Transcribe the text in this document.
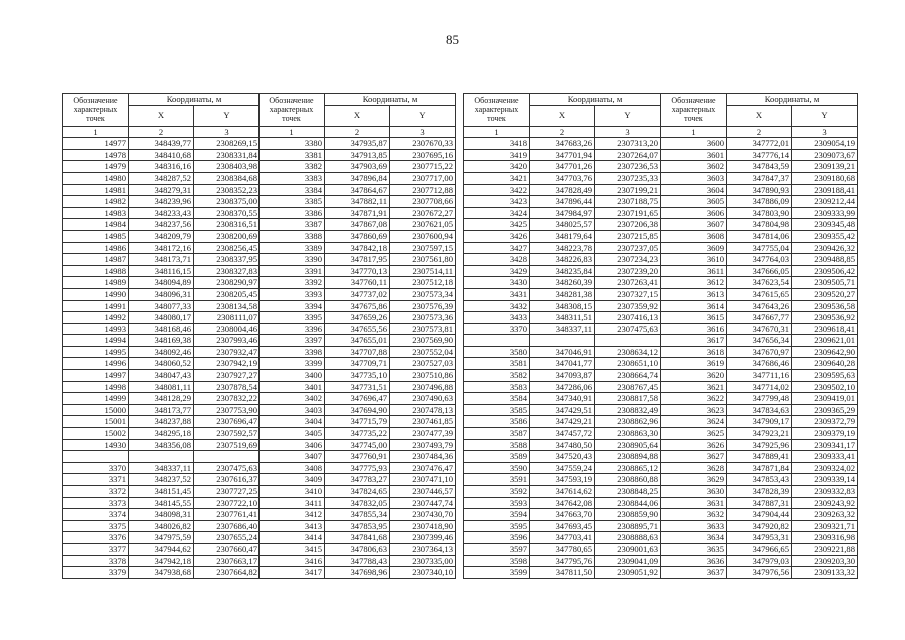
85
Обозначение характерных точек	Координаты, м	
	X	Y
1	2	3
14977	348439,77	2308269,15
14978	348410,68	2308331,84
14979	348316,16	2308403,98
14980	348287,52	2308384,68
14981	348279,31	2308352,23
14982	348239,96	2308375,00
14983	348233,43	2308370,55
14984	348237,56	2308316,51
14985	348209,79	2308200,69
14986	348172,16	2308256,45
14987	348173,71	2308337,95
14988	348116,15	2308327,83
14989	348094,89	2308290,97
14990	348096,31	2308205,45
14991	348077,33	2308134,58
14992	348080,17	2308111,07
14993	348168,46	2308004,46
14994	348169,38	2307993,46
14995	348092,46	2307932,47
14996	348060,52	2307942,19
14997	348047,43	2307927,27
14998	348081,11	2307878,54
14999	348128,29	2307832,22
15000	348173,77	2307753,90
15001	348237,88	2307696,47
15002	348295,18	2307592,57
14930	348356,08	2307519,69

3370	348337,11	2307475,63
3371	348237,52	2307616,37
3372	348151,45	2307727,25
3373	348145,55	2307722,10
3374	348098,31	2307761,41
3375	348026,82	2307686,40
3376	347975,59	2307655,24
3377	347944,62	2307660,47
3378	347942,18	2307663,17
3379	347938,68	2307664,82
Обозначение характерных точек	Координаты, м	
	X	Y
1	2	3
3380	347935,87	2307670,33
3381	347913,85	2307695,16
3382	347903,69	2307715,22
3383	347896,84	2307717,00
3384	347864,67	2307712,88
3385	347882,11	2307708,66
3386	347871,91	2307672,27
3387	347867,08	2307621,05
3388	347860,69	2307600,94
3389	347842,18	2307597,15
3390	347817,95	2307561,80
3391	347770,13	2307514,11
3392	347760,11	2307512,18
3393	347737,02	2307573,34
3394	347675,86	2307576,39
3395	347659,26	2307573,36
3396	347655,56	2307573,81
3397	347655,01	2307569,90
3398	347707,88	2307552,04
3399	347709,71	2307527,03
3400	347735,10	2307510,86
3401	347731,51	2307496,88
3402	347696,47	2307490,63
3403	347694,90	2307478,13
3404	347715,79	2307461,85
3405	347735,22	2307477,39
3406	347745,00	2307493,79
3407	347760,91	2307484,36
3408	347775,93	2307476,47
3409	347783,27	2307471,10
3410	347824,65	2307446,57
3411	347832,05	2307447,74
3412	347855,34	2307430,70
3413	347853,95	2307418,90
3414	347841,68	2307399,46
3415	347806,63	2307364,13
3416	347788,43	2307335,00
3417	347698,96	2307340,10
Обозначение характерных точек	Координаты, м	
	X	Y
1	2	3
3418	347683,26	2307313,20
3419	347701,94	2307264,07
3420	347701,26	2307236,53
3421	347703,76	2307235,33
3422	347828,49	2307199,21
3423	347896,44	2307188,75
3424	347984,97	2307191,65
3425	348025,57	2307206,38
3426	348179,64	2307215,85
3427	348223,78	2307237,05
3428	348226,83	2307234,23
3429	348235,84	2307239,20
3430	348260,39	2307263,41
3431	348281,38	2307327,15
3432	348308,15	2307359,92
3433	348311,51	2307416,13
3370	348337,11	2307475,63

3580	347046,91	2308634,12
3581	347041,77	2308651,10
3582	347093,87	2308664,74
3583	347286,06	2308767,45
3584	347340,91	2308817,58
3585	347429,51	2308832,49
3586	347429,21	2308862,96
3587	347457,72	2308863,30
3588	347480,50	2308905,64
3589	347520,43	2308894,88
3590	347559,24	2308865,12
3591	347593,19	2308860,88
3592	347614,62	2308848,25
3593	347642,08	2308844,06
3594	347663,70	2308859,90
3595	347693,45	2308895,71
3596	347703,41	2308888,63
3597	347780,65	2309001,63
3598	347795,76	2309041,09
3599	347811,50	2309051,92
Обозначение характерных точек	Координаты, м	
	X	Y
1	2	3
3600	347772,01	2309054,19
3601	347776,14	2309073,67
3602	347843,59	2309139,21
3603	347847,37	2309180,68
3604	347890,93	2309188,41
3605	347886,09	2309212,44
3606	347803,90	2309333,99
3607	347804,98	2309345,48
3608	347814,06	2309355,42
3609	347755,04	2309426,32
3610	347764,03	2309488,85
3611	347666,05	2309506,42
3612	347623,54	2309505,71
3613	347615,65	2309520,27
3614	347643,26	2309536,58
3615	347667,77	2309536,92
3616	347670,31	2309618,41
3617	347656,34	2309621,01
3618	347670,97	2309642,90
3619	347686,46	2309640,28
3620	347711,16	2309595,63
3621	347714,02	2309502,10
3622	347799,48	2309419,01
3623	347834,63	2309365,29
3624	347909,17	2309372,79
3625	347923,21	2309379,19
3626	347925,96	2309341,17
3627	347889,41	2309333,41
3628	347871,84	2309324,02
3629	347853,43	2309339,14
3630	347828,39	2309332,83
3631	347887,31	2309243,92
3632	347904,44	2309263,32
3633	347920,82	2309321,71
3634	347953,31	2309316,98
3635	347966,65	2309221,88
3636	347979,03	2309203,30
3637	347976,56	2309133,32
